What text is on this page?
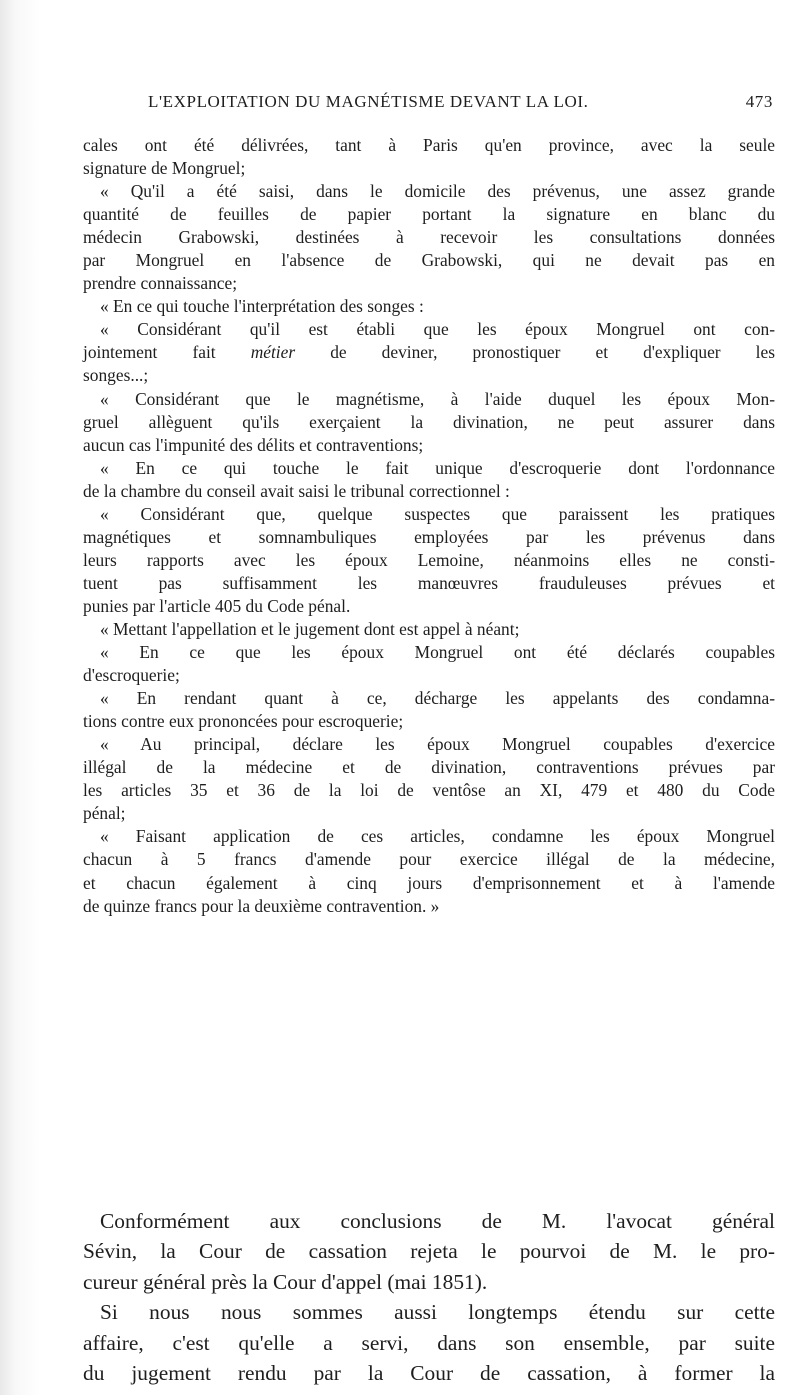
L'EXPLOITATION DU MAGNÉTISME DEVANT LA LOI.	473
cales ont été délivrées, tant à Paris qu'en province, avec la seule
signature de Mongruel;
« Qu'il a été saisi, dans le domicile des prévenus, une assez grande
quantité de feuilles de papier portant la signature en blanc du
médecin Grabowski, destinées à recevoir les consultations données
par Mongruel en l'absence de Grabowski, qui ne devait pas en
prendre connaissance;
« En ce qui touche l'interprétation des songes :
« Considérant qu'il est établi que les époux Mongruel ont con-
jointement fait métier de deviner, pronostiquer et d'expliquer les
songes...;
« Considérant que le magnétisme, à l'aide duquel les époux Mon-
gruel allèguent qu'ils exerçaient la divination, ne peut assurer dans
aucun cas l'impunité des délits et contraventions;
« En ce qui touche le fait unique d'escroquerie dont l'ordonnance
de la chambre du conseil avait saisi le tribunal correctionnel :
« Considérant que, quelque suspectes que paraissent les pratiques
magnétiques et somnambuliques employées par les prévenus dans
leurs rapports avec les époux Lemoine, néanmoins elles ne consti-
tuent pas suffisamment les manœuvres frauduleuses prévues et
punies par l'article 405 du Code pénal.
« Mettant l'appellation et le jugement dont est appel à néant;
« En ce que les époux Mongruel ont été déclarés coupables
d'escroquerie;
« En rendant quant à ce, décharge les appelants des condamna-
tions contre eux prononcées pour escroquerie;
« Au principal, déclare les époux Mongruel coupables d'exercice
illégal de la médecine et de divination, contraventions prévues par
les articles 35 et 36 de la loi de ventôse an XI, 479 et 480 du Code
pénal;
« Faisant application de ces articles, condamne les époux Mongruel
chacun à 5 francs d'amende pour exercice illégal de la médecine,
et chacun également à cinq jours d'emprisonnement et à l'amende
de quinze francs pour la deuxième contravention. »
Conformément aux conclusions de M. l'avocat général
Sévin, la Cour de cassation rejeta le pourvoi de M. le pro-
cureur général près la Cour d'appel (mai 1851).
Si nous nous sommes aussi longtemps étendu sur cette
affaire, c'est qu'elle a servi, dans son ensemble, par suite
du jugement rendu par la Cour de cassation, à former la
